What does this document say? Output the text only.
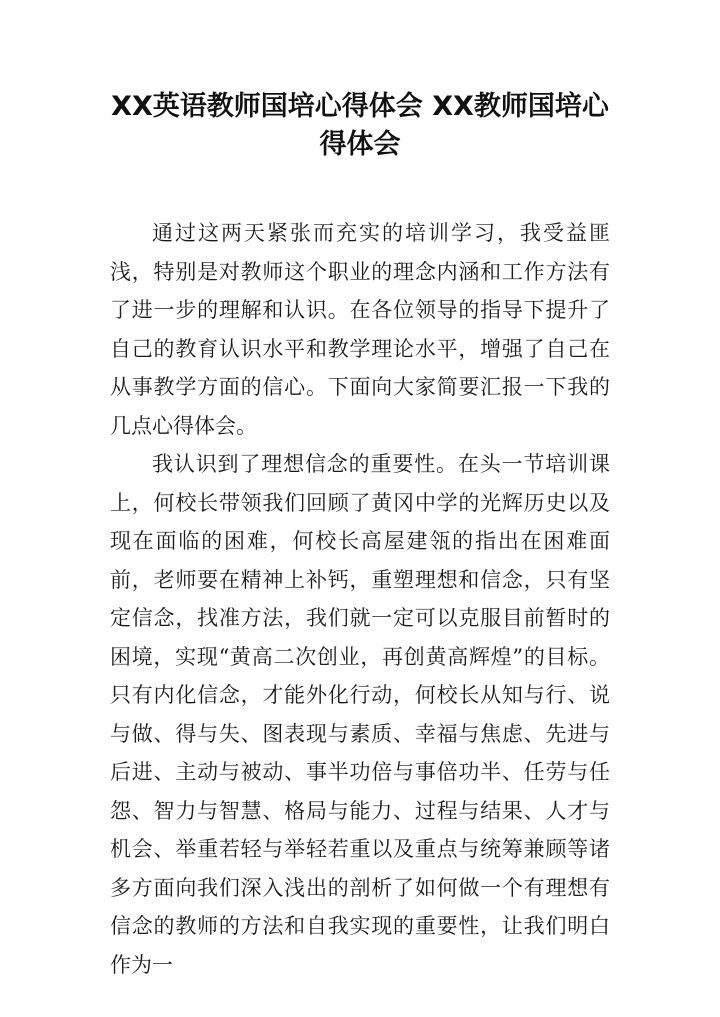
XX英语教师国培心得体会 XX教师国培心得体会

通过这两天紧张而充实的培训学习，我受益匪浅，特别是对教师这个职业的理念内涵和工作方法有了进一步的理解和认识。在各位领导的指导下提升了自己的教育认识水平和教学理论水平，增强了自己在从事教学方面的信心。下面向大家简要汇报一下我的几点心得体会。

我认识到了理想信念的重要性。在头一节培训课上，何校长带领我们回顾了黄冈中学的光辉历史以及现在面临的困难，何校长高屋建瓴的指出在困难面前，老师要在精神上补钙，重塑理想和信念，只有坚定信念，找准方法，我们就一定可以克服目前暂时的困境，实现“黄高二次创业，再创黄高辉煌”的目标。只有内化信念，才能外化行动，何校长从知与行、说与做、得与失、图表现与素质、幸福与焦虑、先进与后进、主动与被动、事半功倍与事倍功半、任劳与任怨、智力与智慧、格局与能力、过程与结果、人才与机会、举重若轻与举轻若重以及重点与统筹兼顾等诸多方面向我们深入浅出的剖析了如何做一个有理想有信念的教师的方法和自我实现的重要性，让我们明白作为一
